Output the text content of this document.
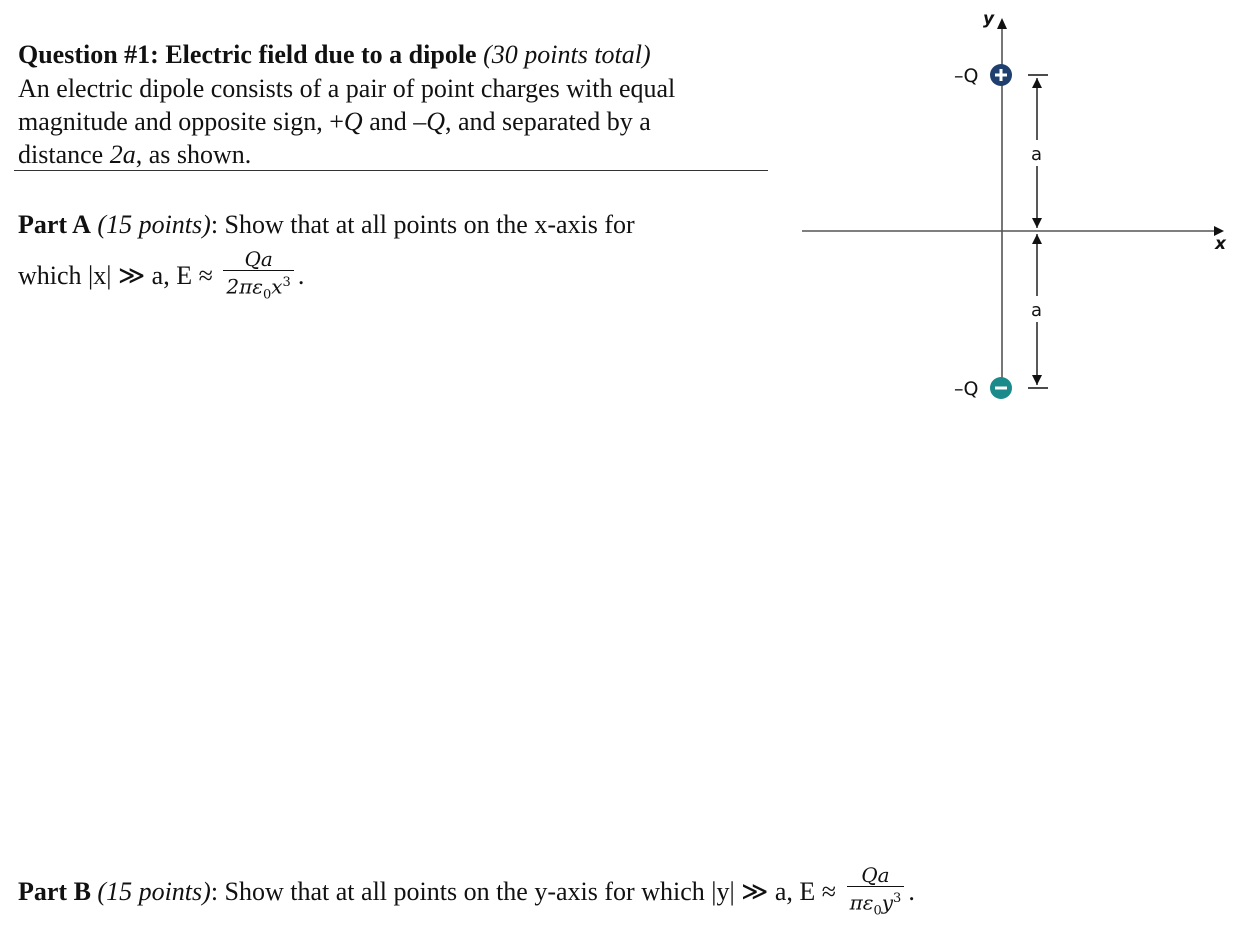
Question #1: Electric field due to a dipole (30 points total)

An electric dipole consists of a pair of point charges with equal

magnitude and opposite sign, +Q and –Q, and separated by a

distance 2a, as shown.

Part A (15 points): Show that at all points on the x-axis for
which |x| ≫ a, $E \approx \frac{Qa}{2\pi\varepsilon_0x^3}$ .
Part B (15 points): Show that at all points on the y-axis for which |y| ≫ a, $E \approx \frac{Qa}{\pi\varepsilon_0y^3}$ .
y
x
–Q
–Q
a
a
